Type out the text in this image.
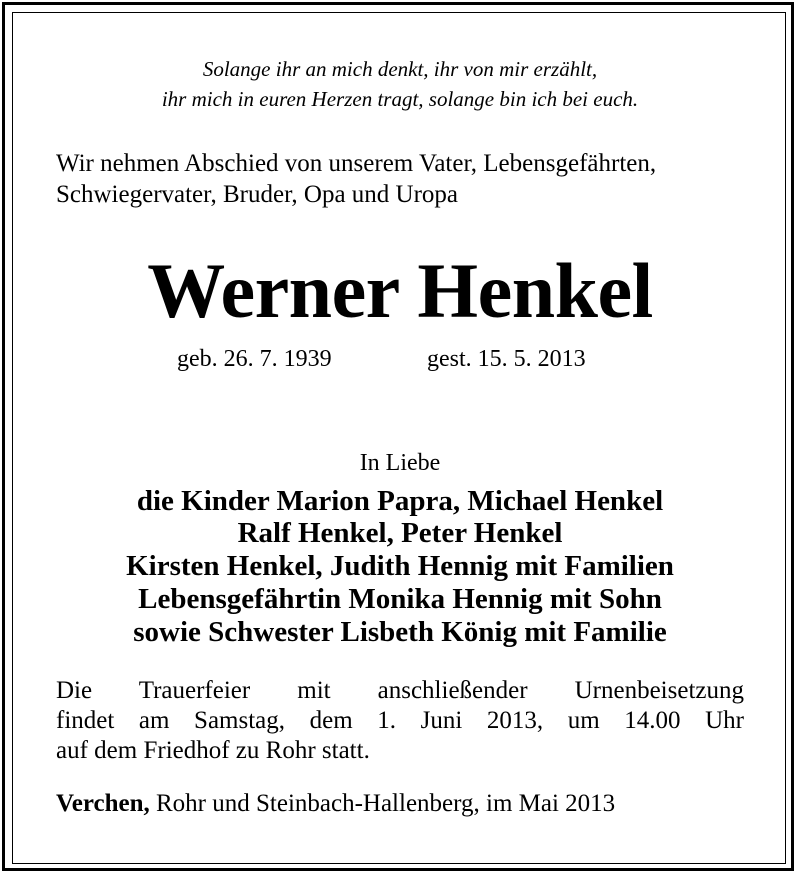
Solange ihr an mich denkt, ihr von mir erzählt,
ihr mich in euren Herzen tragt, solange bin ich bei euch.
Wir nehmen Abschied von unserem Vater, Lebensgefährten,
Schwiegervater, Bruder, Opa und Uropa
Werner Henkel
geb. 26. 7. 1939	gest. 15. 5. 2013
In Liebe
die Kinder Marion Papra, Michael Henkel
Ralf Henkel, Peter Henkel
Kirsten Henkel, Judith Hennig mit Familien
Lebensgefährtin Monika Hennig mit Sohn
sowie Schwester Lisbeth König mit Familie
Die Trauerfeier mit anschließender Urnenbeisetzung
findet am Samstag, dem 1. Juni 2013, um 14.00 Uhr
auf dem Friedhof zu Rohr statt.
Verchen, Rohr und Steinbach-Hallenberg, im Mai 2013
